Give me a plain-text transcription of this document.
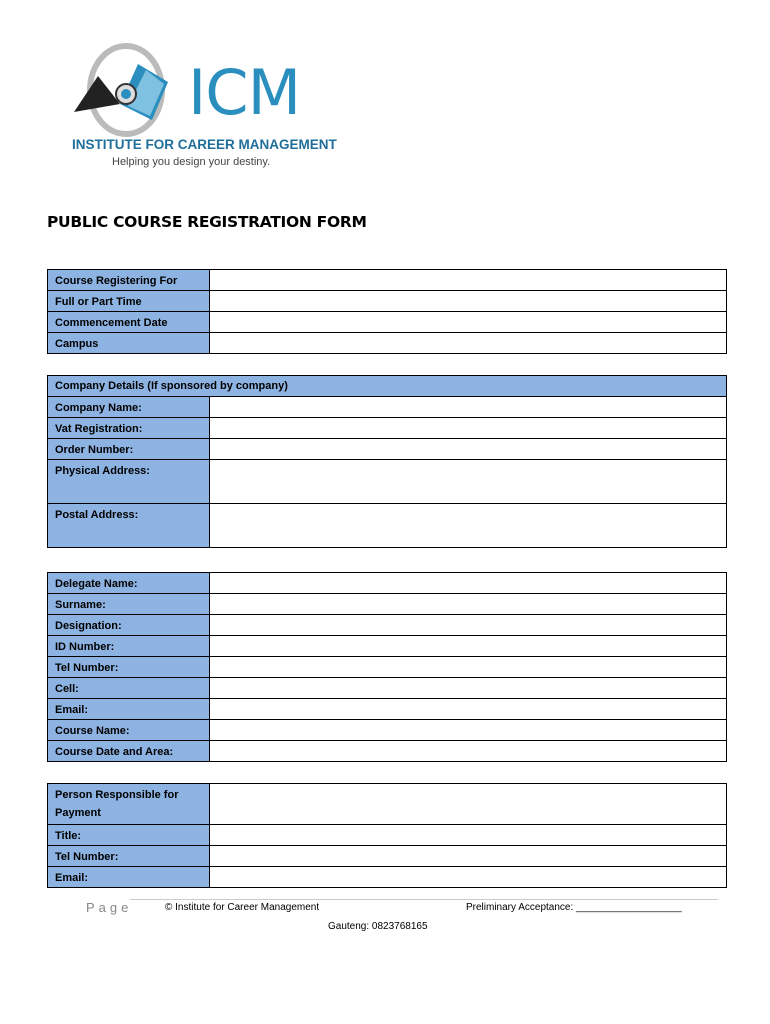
ICM
INSTITUTE FOR CAREER MANAGEMENT
Helping you design your destiny.
PUBLIC COURSE REGISTRATION FORM
Course Registering For
Full or Part Time
Commencement Date
Campus
Company Details (If sponsored by company)
Company Name:
Vat Registration:
Order Number:
Physical Address:
Postal Address:
Delegate Name:
Surname:
Designation:
ID Number:
Tel Number:
Cell:
Email:
Course Name:
Course Date and Area:
Person Responsible for Payment
Title:
Tel Number:
Email:
Page	© Institute for Career Management	Preliminary Acceptance: ___________________
Gauteng: 0823768165
